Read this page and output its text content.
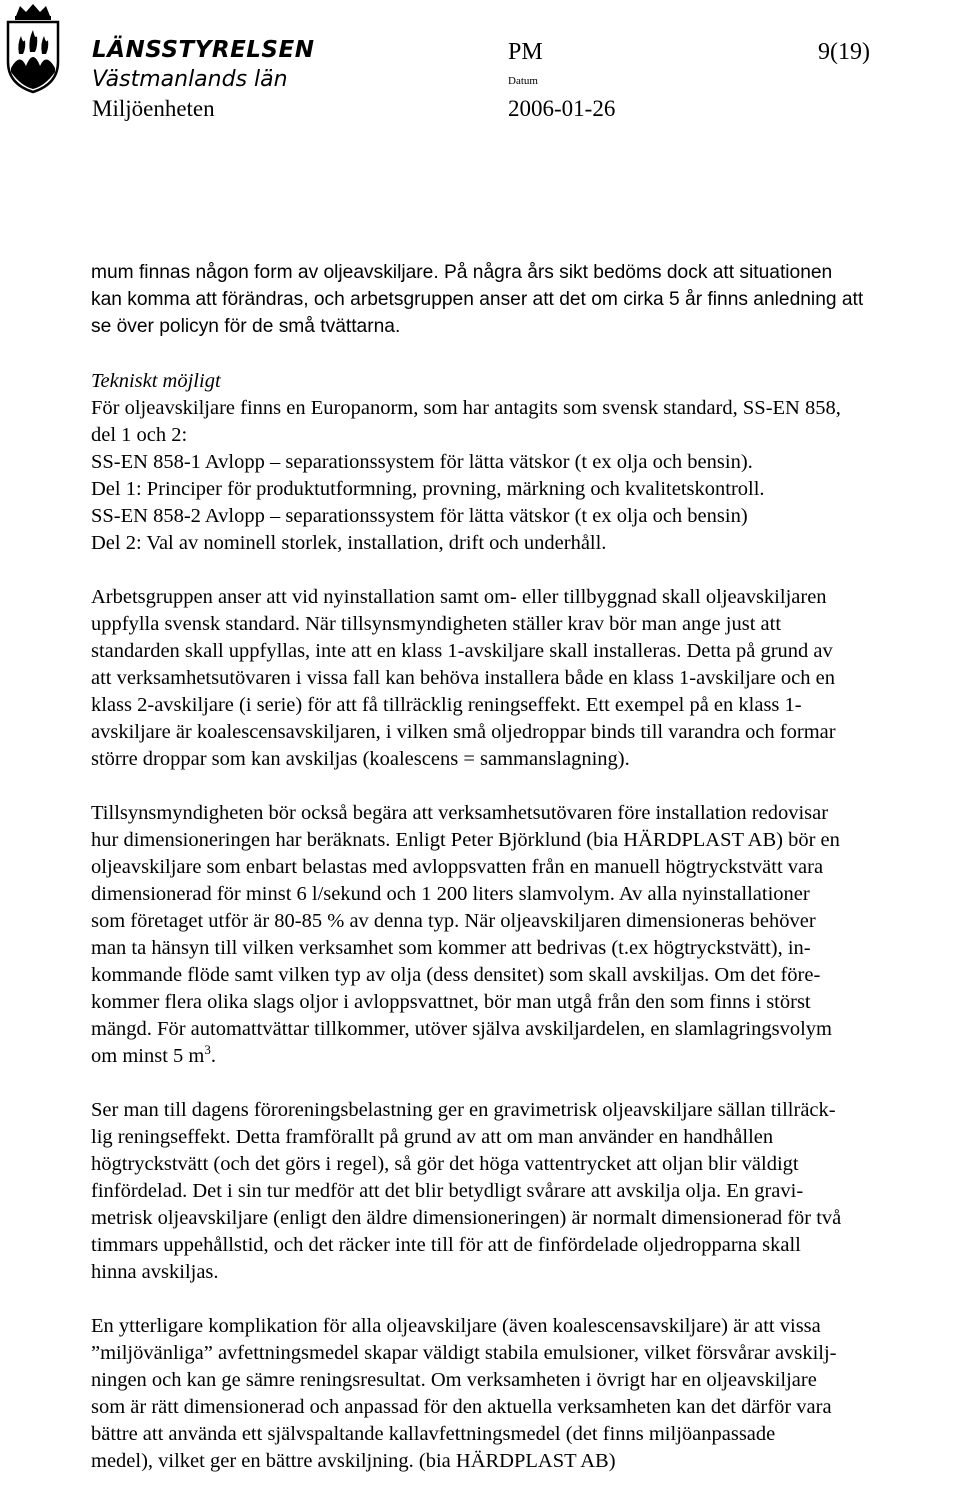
LÄNSSTYRELSEN
Västmanlands län
Miljöenheten
PM	9(19)
Datum
2006-01-26

mum finnas någon form av oljeavskiljare. På några års sikt bedöms dock att situationen

kan komma att förändras, och arbetsgruppen anser att det om cirka 5 år finns anledning att

se över policyn för de små tvättarna.

Tekniskt möjligt

För oljeavskiljare finns en Europanorm, som har antagits som svensk standard, SS-EN 858,

del 1 och 2:

SS-EN 858-1 Avlopp – separationssystem för lätta vätskor (t ex olja och bensin).

Del 1: Principer för produktutformning, provning, märkning och kvalitetskontroll.

SS-EN 858-2 Avlopp – separationssystem för lätta vätskor (t ex olja och bensin)

Del 2: Val av nominell storlek, installation, drift och underhåll.

Arbetsgruppen anser att vid nyinstallation samt om- eller tillbyggnad skall oljeavskiljaren

uppfylla svensk standard. När tillsynsmyndigheten ställer krav bör man ange just att

standarden skall uppfyllas, inte att en klass 1-avskiljare skall installeras. Detta på grund av

att verksamhetsutövaren i vissa fall kan behöva installera både en klass 1-avskiljare och en

klass 2-avskiljare (i serie) för att få tillräcklig reningseffekt. Ett exempel på en klass 1-

avskiljare är koalescensavskiljaren, i vilken små oljedroppar binds till varandra och formar

större droppar som kan avskiljas (koalescens = sammanslagning).

Tillsynsmyndigheten bör också begära att verksamhetsutövaren före installation redovisar

hur dimensioneringen har beräknats. Enligt Peter Björklund (bia HÄRDPLAST AB) bör en

oljeavskiljare som enbart belastas med avloppsvatten från en manuell högtryckstvätt vara

dimensionerad för minst 6 l/sekund och 1 200 liters slamvolym. Av alla nyinstallationer

som företaget utför är 80-85 % av denna typ. När oljeavskiljaren dimensioneras behöver

man ta hänsyn till vilken verksamhet som kommer att bedrivas (t.ex högtryckstvätt), in-

kommande flöde samt vilken typ av olja (dess densitet) som skall avskiljas. Om det före-

kommer flera olika slags oljor i avloppsvattnet, bör man utgå från den som finns i störst

mängd. För automattvättar tillkommer, utöver själva avskiljardelen, en slamlagringsvolym

om minst 5 $m^3$.

Ser man till dagens föroreningsbelastning ger en gravimetrisk oljeavskiljare sällan tillräck-

lig reningseffekt. Detta framförallt på grund av att om man använder en handhållen

högtryckstvätt (och det görs i regel), så gör det höga vattentrycket att oljan blir väldigt

finfördelad. Det i sin tur medför att det blir betydligt svårare att avskilja olja. En gravi-

metrisk oljeavskiljare (enligt den äldre dimensioneringen) är normalt dimensionerad för två

timmars uppehållstid, och det räcker inte till för att de finfördelade oljedropparna skall

hinna avskiljas.

En ytterligare komplikation för alla oljeavskiljare (även koalescensavskiljare) är att vissa

”miljövänliga” avfettningsmedel skapar väldigt stabila emulsioner, vilket försvårar avskilj-

ningen och kan ge sämre reningsresultat. Om verksamheten i övrigt har en oljeavskiljare

som är rätt dimensionerad och anpassad för den aktuella verksamheten kan det därför vara

bättre att använda ett självspaltande kallavfettningsmedel (det finns miljöanpassade

medel), vilket ger en bättre avskiljning. (bia HÄRDPLAST AB)
